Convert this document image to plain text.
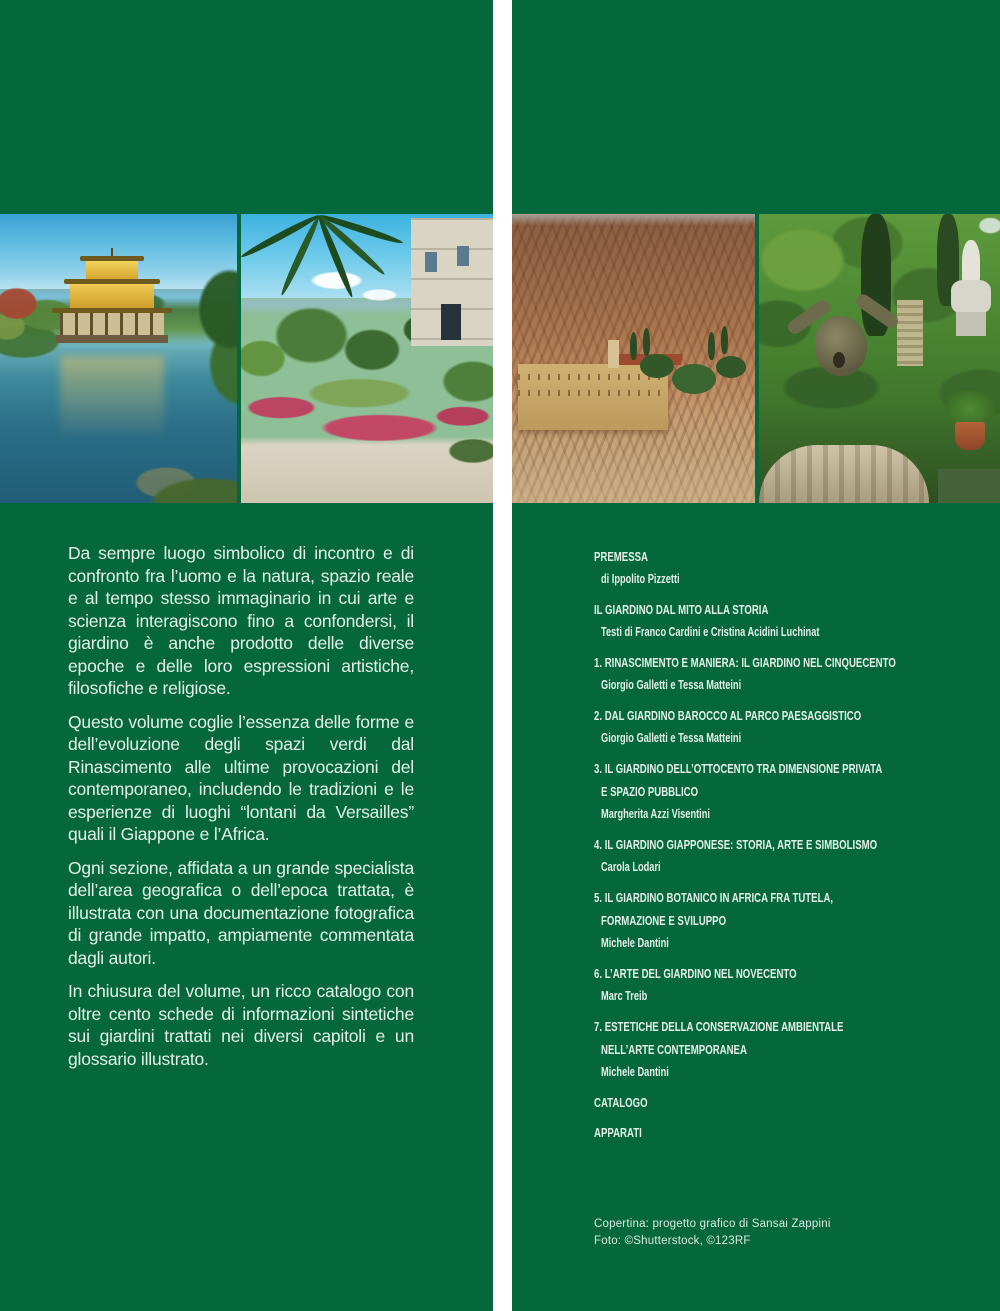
Da sempre luogo simbolico di incontro e di confronto fra l’uomo e la natura, spazio reale e al tempo stesso immaginario in cui arte e scienza interagiscono fino a confondersi, il giardino è anche prodotto delle diverse epoche e delle loro espressioni artistiche, filosofiche e religiose.

Questo volume coglie l’essenza delle forme e dell’evoluzione degli spazi verdi dal Rinascimento alle ultime provocazioni del contemporaneo, includendo le tradizioni e le esperienze di luoghi “lontani da Versailles” quali il Giappone e l’Africa.

Ogni sezione, affidata a un grande specialista dell’area geografica o dell’epoca trattata, è illustrata con una documentazione fotografica di grande impatto, ampiamente commentata dagli autori.

In chiusura del volume, un ricco catalogo con oltre cento schede di informazioni sintetiche sui giardini trattati nei diversi capitoli e un glossario illustrato.

PREMESSA
di Ippolito Pizzetti
IL GIARDINO DAL MITO ALLA STORIA
Testi di Franco Cardini e Cristina Acidini Luchinat
1. RINASCIMENTO E MANIERA: IL GIARDINO NEL CINQUECENTO
Giorgio Galletti e Tessa Matteini
2. DAL GIARDINO BAROCCO AL PARCO PAESAGGISTICO
Giorgio Galletti e Tessa Matteini
3. IL GIARDINO DELL’OTTOCENTO TRA DIMENSIONE PRIVATA
E SPAZIO PUBBLICO
Margherita Azzi Visentini
4. IL GIARDINO GIAPPONESE: STORIA, ARTE E SIMBOLISMO
Carola Lodari
5. IL GIARDINO BOTANICO IN AFRICA FRA TUTELA,
FORMAZIONE E SVILUPPO
Michele Dantini
6. L’ARTE DEL GIARDINO NEL NOVECENTO
Marc Treib
7. ESTETICHE DELLA CONSERVAZIONE AMBIENTALE
NELL’ARTE CONTEMPORANEA
Michele Dantini
CATALOGO
APPARATI
Copertina: progetto grafico di Sansai Zappini
Foto: ©Shutterstock, ©123RF
